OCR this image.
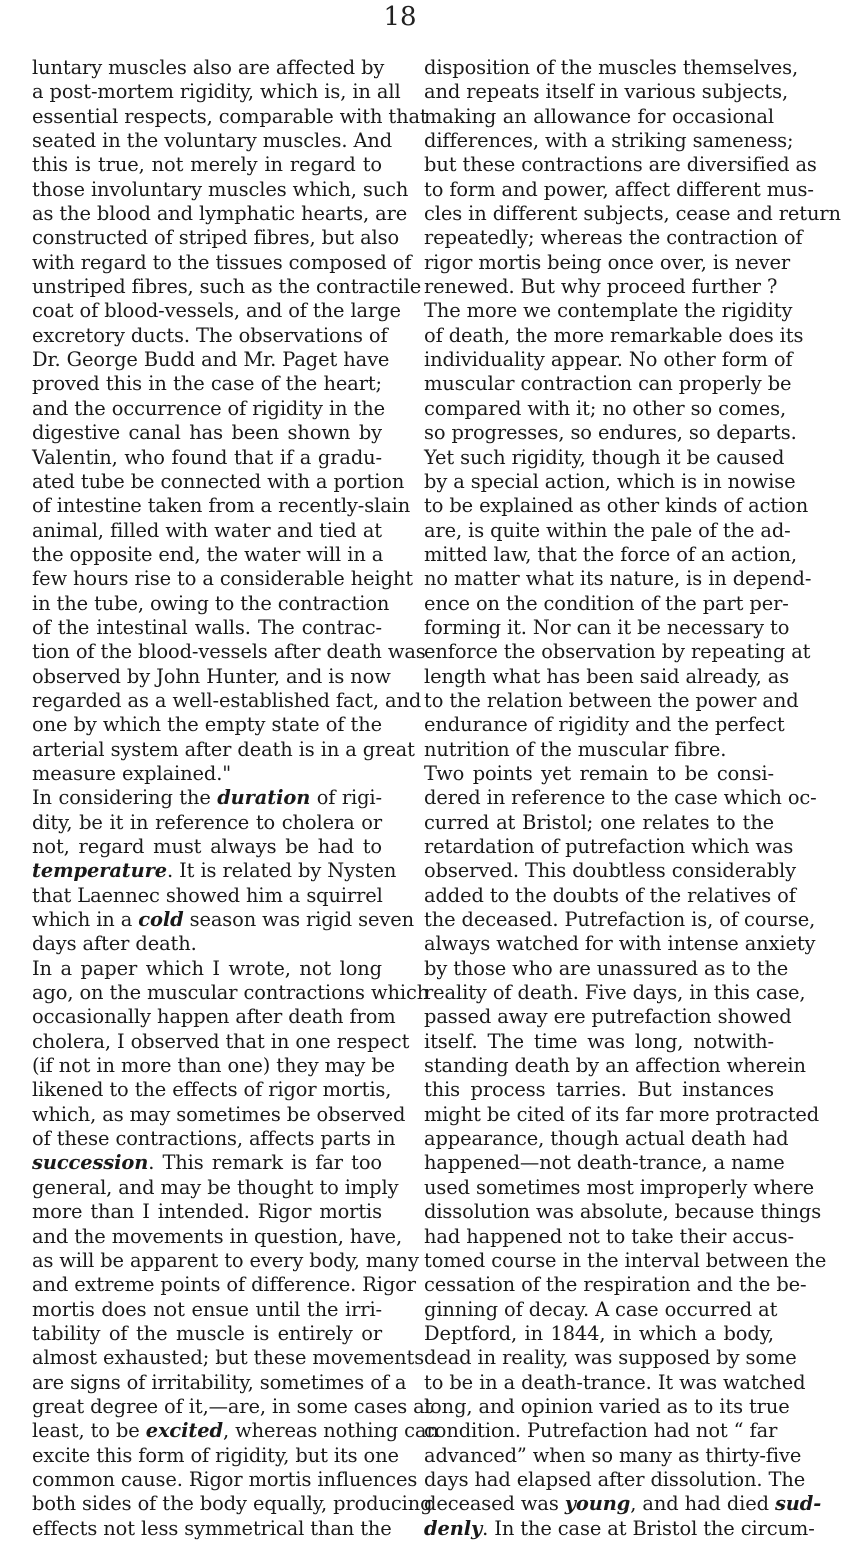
18
luntary muscles also are affected by
a post-mortem rigidity, which is, in all
essential respects, comparable with that
seated in the voluntary muscles. And
this is true, not merely in regard to
those involuntary muscles which, such
as the blood and lymphatic hearts, are
constructed of striped fibres, but also
with regard to the tissues composed of
unstriped fibres, such as the contractile
coat of blood-vessels, and of the large
excretory ducts. The observations of
Dr. George Budd and Mr. Paget have
proved this in the case of the heart;
and the occurrence of rigidity in the
digestive canal has been shown by
Valentin, who found that if a gradu-
ated tube be connected with a portion
of intestine taken from a recently-slain
animal, filled with water and tied at
the opposite end, the water will in a
few hours rise to a considerable height
in the tube, owing to the contraction
of the intestinal walls. The contrac-
tion of the blood-vessels after death was
observed by John Hunter, and is now
regarded as a well-established fact, and
one by which the empty state of the
arterial system after death is in a great
measure explained."
In considering the duration of rigi-
dity, be it in reference to cholera or
not, regard must always be had to
temperature. It is related by Nysten
that Laennec showed him a squirrel
which in a cold season was rigid seven
days after death.
In a paper which I wrote, not long
ago, on the muscular contractions which
occasionally happen after death from
cholera, I observed that in one respect
(if not in more than one) they may be
likened to the effects of rigor mortis,
which, as may sometimes be observed
of these contractions, affects parts in
succession. This remark is far too
general, and may be thought to imply
more than I intended. Rigor mortis
and the movements in question, have,
as will be apparent to every body, many
and extreme points of difference. Rigor
mortis does not ensue until the irri-
tability of the muscle is entirely or
almost exhausted; but these movements
are signs of irritability, sometimes of a
great degree of it,—are, in some cases at
least, to be excited, whereas nothing can
excite this form of rigidity, but its one
common cause. Rigor mortis influences
both sides of the body equally, producing
effects not less symmetrical than the
disposition of the muscles themselves,
and repeats itself in various subjects,
making an allowance for occasional
differences, with a striking sameness;
but these contractions are diversified as
to form and power, affect different mus-
cles in different subjects, cease and return
repeatedly; whereas the contraction of
rigor mortis being once over, is never
renewed. But why proceed further ?
The more we contemplate the rigidity
of death, the more remarkable does its
individuality appear. No other form of
muscular contraction can properly be
compared with it; no other so comes,
so progresses, so endures, so departs.
Yet such rigidity, though it be caused
by a special action, which is in nowise
to be explained as other kinds of action
are, is quite within the pale of the ad-
mitted law, that the force of an action,
no matter what its nature, is in depend-
ence on the condition of the part per-
forming it. Nor can it be necessary to
enforce the observation by repeating at
length what has been said already, as
to the relation between the power and
endurance of rigidity and the perfect
nutrition of the muscular fibre.
Two points yet remain to be consi-
dered in reference to the case which oc-
curred at Bristol; one relates to the
retardation of putrefaction which was
observed. This doubtless considerably
added to the doubts of the relatives of
the deceased. Putrefaction is, of course,
always watched for with intense anxiety
by those who are unassured as to the
reality of death. Five days, in this case,
passed away ere putrefaction showed
itself. The time was long, notwith-
standing death by an affection wherein
this process tarries. But instances
might be cited of its far more protracted
appearance, though actual death had
happened—not death-trance, a name
used sometimes most improperly where
dissolution was absolute, because things
had happened not to take their accus-
tomed course in the interval between the
cessation of the respiration and the be-
ginning of decay. A case occurred at
Deptford, in 1844, in which a body,
dead in reality, was supposed by some
to be in a death-trance. It was watched
long, and opinion varied as to its true
condition. Putrefaction had not “ far
advanced” when so many as thirty-five
days had elapsed after dissolution. The
deceased was young, and had died sud-
denly. In the case at Bristol the circum-
